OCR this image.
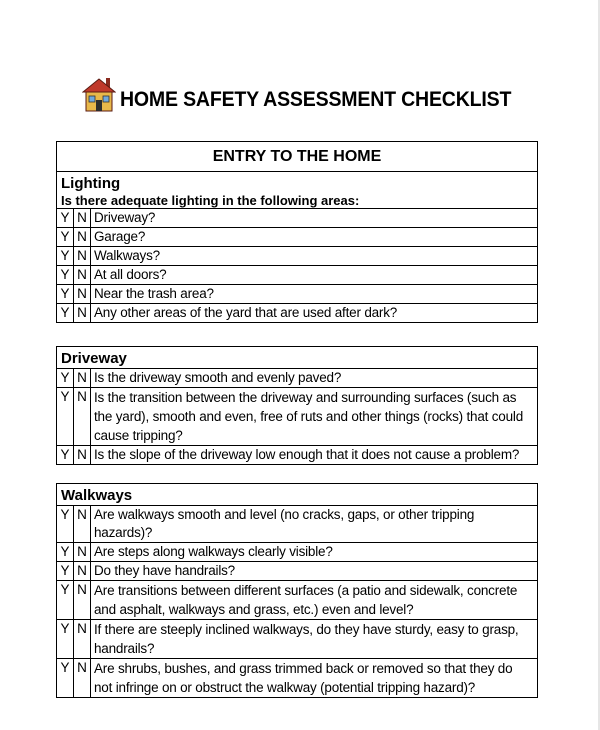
HOME SAFETY ASSESSMENT CHECKLIST
ENTRY TO THE HOME		

Lighting
Is there adequate lighting in the following areas:		

Y	N	Driveway?
Y	N	Garage?
Y	N	Walkways?
Y	N	At all doors?
Y	N	Near the trash area?
Y	N	Any other areas of the yard that are used after dark?
Driveway		

Y	N	Is the driveway smooth and evenly paved?
Y	N	Is the transition between the driveway and surrounding surfaces (such as the yard), smooth and even, free of ruts and other things (rocks) that could cause tripping?
Y	N	Is the slope of the driveway low enough that it does not cause a problem?
Walkways		

Y	N	Are walkways smooth and level (no cracks, gaps, or other tripping hazards)?
Y	N	Are steps along walkways clearly visible?
Y	N	Do they have handrails?
Y	N	Are transitions between different surfaces (a patio and sidewalk, concrete and asphalt, walkways and grass, etc.) even and level?
Y	N	If there are steeply inclined walkways, do they have sturdy, easy to grasp, handrails?
Y	N	Are shrubs, bushes, and grass trimmed back or removed so that they do not infringe on or obstruct the walkway (potential tripping hazard)?
